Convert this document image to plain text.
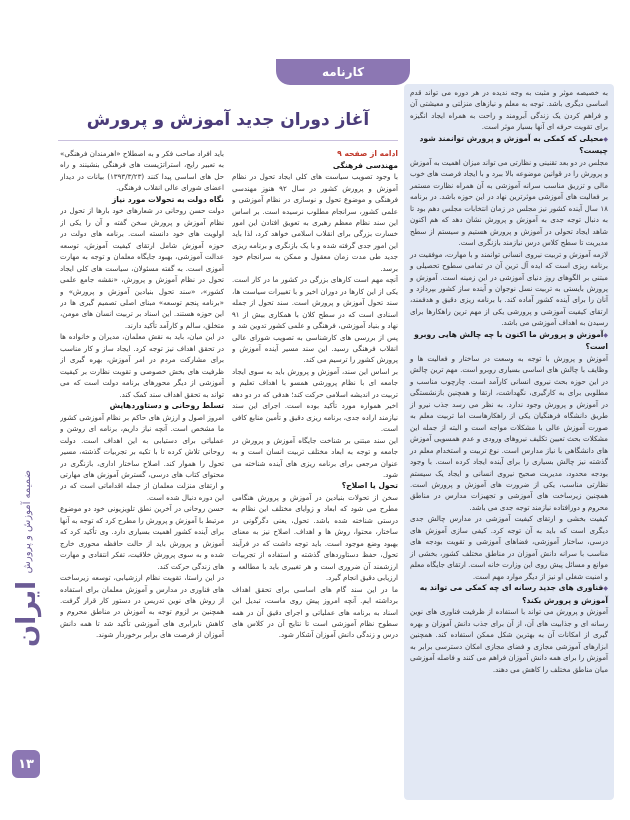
کارنامه
آغاز دوران جدید آموزش و پرورش

به خصیصه موثر و مثبت به وجه ندیده در هر دوره می تواند قدم اساسی دیگری باشد. توجه به معلم و نیازهای منزلتی و معیشتی آن و فراهم کردن یک زندگی آبرومند و راحت به همراه ایجاد انگیزه برای تقویت حرفه ای آنها بسیار موثر است.

◆ محیلی که کمکی به آموزش و پرورش توانمند شود چیست؟

مجلس در دو بعد تقنینی و نظارتی می تواند میزان اهمیت به آموزش و پرورش را در قوانین موضوعه بالا ببرد و با ایجاد فرصت های خوب مالی و تزریق مناسب سرانه آموزشی به آن همراه نظارت مستمر بر فعالیت های آموزشی موثرترین نهاد در این حوزه باشد. در برنامه ۱۸ سال آینده کشور نیز مجلس در زمان انتخابات مجلس دهم بود تا به دنبال توجه جدی به آموزش و پرورش نشان دهد که هم اکنون شاهد ایجاد تحولی در آموزش و پرورش هستیم و سیستم از سطح مدیریت تا سطح کلاس درس نیازمند بازنگری است.

لازمه آموزش و تربیت نیروی انسانی توانمند و با مهارت، موفقیت در برنامه ریزی است که ایده آل ترین آن در تمامی سطوح تحصیلی و مبتنی بر الگوهای روز دنیای آموزشی در این زمینه است. آموزش و پرورش بایستی به تربیت نسل نوجوان و آینده ساز کشور بپردازد و آنان را برای آینده کشور آماده کند. با برنامه ریزی دقیق و هدفمند، ارتقای کیفیت آموزشی و پرورشی یکی از مهم ترین راهکارها برای رسیدن به اهداف آموزشی می باشد.

◆ آموزش و پرورش ما اکنون با چه چالش هایی روبرو است؟

آموزش و پرورش با توجه به وسعت در ساختار و فعالیت ها و وظایف با چالش های اساسی بسیاری روبرو است. مهم ترین چالش در این حوزه بحث نیروی انسانی کارآمد است. چارچوب مناسب و مطلوبی برای به کارگیری، نگهداشت، ارتقا و همچنین بازنشستگی در آموزش و پرورش وجود ندارد. به نظر می رسد جذب نیرو از طریق دانشگاه فرهنگیان یکی از راهکارهاست اما تربیت معلم به صورت آموزش عالی با مشکلات مواجه است و البته از جمله این مشکلات بحث تعیین تکلیف نیروهای ورودی و عدم همسویی آموزش های دانشگاهی با نیاز مدارس است. نوع تربیت و استخدام معلم در گذشته نیز چالش بسیاری را برای آینده ایجاد کرده است. با وجود بودجه محدود، مدیریت صحیح نیروی انسانی و ایجاد یک سیستم نظارتی مناسب، یکی از ضرورت های آموزش و پرورش است. همچنین زیرساخت های آموزشی و تجهیزات مدارس در مناطق محروم و دورافتاده نیازمند توجه جدی می باشد.

کیفیت بخشی و ارتقای کیفیت آموزشی در مدارس چالش جدی دیگری است که باید به آن توجه کرد. کیفی سازی آموزش های درسی، ساختار آموزشی، فضاهای آموزشی و تقویت بودجه های مناسب با سرانه دانش آموزان در مناطق مختلف کشور، بخشی از موانع و مسائل پیش روی این وزارت خانه است. ارتقای جایگاه معلم و امنیت شغلی او نیز از دیگر موارد مهم است.

◆ فناوری های جدید رسانه ای چه کمکی می تواند به آموزش و پرورش بکند؟

آموزش و پرورش می تواند با استفاده از ظرفیت فناوری های نوین رسانه ای و جذابیت های آن، از آن برای جذب دانش آموزان و بهره گیری از امکانات آن به بهترین شکل ممکن استفاده کند. همچنین ابزارهای آموزشی مجازی و فضای مجازی امکان دسترسی برابر به آموزش را برای همه دانش آموزان فراهم می کنند و فاصله آموزشی میان مناطق مختلف را کاهش می دهند.

ادامه از صفحه ۹

مهندسی فرهنگی

با وجود تصویب سیاست های کلی ایجاد تحول در نظام آموزش و پرورش کشور در سال ۹۲ هنوز مهندسی فرهنگی و موضوع تحول و نوسازی در نظام آموزشی و علمی کشور، سرانجام مطلوب نرسیده است. بر اساس این سند نظام معظم رهبری به تعویق افتادن این امور خسارت بزرگی برای انقلاب اسلامی خواهد کرد، لذا باید این امور جدی گرفته شده و با یک بازنگری و برنامه ریزی جدید طی مدت زمان معقول و ممکن به سرانجام خود برسد.

آنچه مهم است کارهای بزرگی در کشور ما در کار است. یکی از این کارها در دوران اخیر و با تغییرات سیاست ها، سند تحول آموزش و پرورش است. سند تحول از جمله اسنادی است که در سطح کلان با همکاری بیش از ۹۱ نهاد و بنیاد آموزشی، فرهنگی و علمی کشور تدوین شد و پس از بررسی های کارشناسی به تصویب شورای عالی انقلاب فرهنگی رسید. این سند مسیر آینده آموزش و پرورش کشور را ترسیم می کند.

بر اساس این سند، آموزش و پرورش باید به سوی ایجاد جامعه ای با نظام پرورشی همسو با اهداف تعلیم و تربیت در اندیشه اسلامی حرکت کند؛ هدفی که در دو دهه اخیر همواره مورد تأکید بوده است. اجرای این سند نیازمند اراده جدی، برنامه ریزی دقیق و تأمین منابع کافی است.

این سند مبتنی بر شناخت جایگاه آموزش و پرورش در جامعه و توجه به ابعاد مختلف تربیت انسان است و به عنوان مرجعی برای برنامه ریزی های آینده شناخته می شود.

تحول یا اصلاح؟

سخن از تحولات بنیادین در آموزش و پرورش هنگامی مطرح می شود که ابعاد و زوایای مختلف این نظام به درستی شناخته شده باشد. تحول، یعنی دگرگونی در ساختار، محتوا، روش ها و اهداف. اصلاح نیز به معنای بهبود وضع موجود است. باید توجه داشت که در فرآیند تحول، حفظ دستاوردهای گذشته و استفاده از تجربیات ارزشمند آن ضروری است و هر تغییری باید با مطالعه و ارزیابی دقیق انجام گیرد.

ما در این سند گام های اساسی برای تحقق اهداف برداشته ایم. آنچه امروز پیش روی ماست، تبدیل این اسناد به برنامه های عملیاتی و اجرای دقیق آن در همه سطوح نظام آموزشی است تا نتایج آن در کلاس های درس و زندگی دانش آموزان آشکار شود.

باید افراد صاحب فکر و به اصطلاح «اهرمندان فرهنگی» به تعبیر رایج، استراتژیست های فرهنگی بنشینند و راه حل های اساسی پیدا کنند (۱۳۹۳/۳/۲۳) بیانات در دیدار اعضای شورای عالی انقلاب فرهنگی.

نگاه دولت به تحولات مورد نیاز

دولت حسن روحانی در شعارهای خود بارها از تحول در نظام آموزش و پرورش سخن گفته و آن را یکی از اولویت های خود دانسته است. برنامه های دولت در حوزه آموزش شامل ارتقای کیفیت آموزش، توسعه عدالت آموزشی، بهبود جایگاه معلمان و توجه به مهارت آموزی است. به گفته مسئولان، سیاست های کلی ایجاد تحول در نظام آموزش و پرورش، «نقشه جامع علمی کشور»، «سند تحول بنیادین آموزش و پرورش» و «برنامه پنجم توسعه» مبنای اصلی تصمیم گیری ها در این حوزه هستند. این اسناد بر تربیت انسان های مومن، متخلق، سالم و کارآمد تأکید دارند.

در این میان، باید به نقش معلمان، مدیران و خانواده ها در تحقق اهداف نیز توجه کرد. ایجاد ساز و کار مناسب برای مشارکت مردم در امر آموزش، بهره گیری از ظرفیت های بخش خصوصی و تقویت نظارت بر کیفیت آموزشی از دیگر محورهای برنامه دولت است که می تواند به تحقق اهداف سند کمک کند.

تسلط روحانی و دستاوردهایش

امروز اصول و ارزش های حاکم بر نظام آموزشی کشور ما مشخص است. آنچه نیاز داریم، برنامه ای روشن و عملیاتی برای دستیابی به این اهداف است. دولت روحانی تلاش کرده تا با تکیه بر تجربیات گذشته، مسیر تحول را هموار کند. اصلاح ساختار اداری، بازنگری در محتوای کتاب های درسی، گسترش آموزش های مهارتی و ارتقای منزلت معلمان از جمله اقداماتی است که در این دوره دنبال شده است.

حسن روحانی در آخرین نطق تلویزیونی خود دو موضوع مرتبط با آموزش و پرورش را مطرح کرد که توجه به آنها برای آینده کشور اهمیت بسیاری دارد. وی تأکید کرد که آموزش و پرورش باید از حالت حافظه محوری خارج شده و به سوی پرورش خلاقیت، تفکر انتقادی و مهارت های زندگی حرکت کند.

در این راستا، تقویت نظام ارزشیابی، توسعه زیرساخت های فناوری در مدارس و آموزش معلمان برای استفاده از روش های نوین تدریس در دستور کار قرار گرفت. همچنین بر لزوم توجه به آموزش در مناطق محروم و کاهش نابرابری های آموزشی تأکید شد تا همه دانش آموزان از فرصت های برابر برخوردار شوند.

ضمیمه آموزش و پرورش
ایران
۱۳
